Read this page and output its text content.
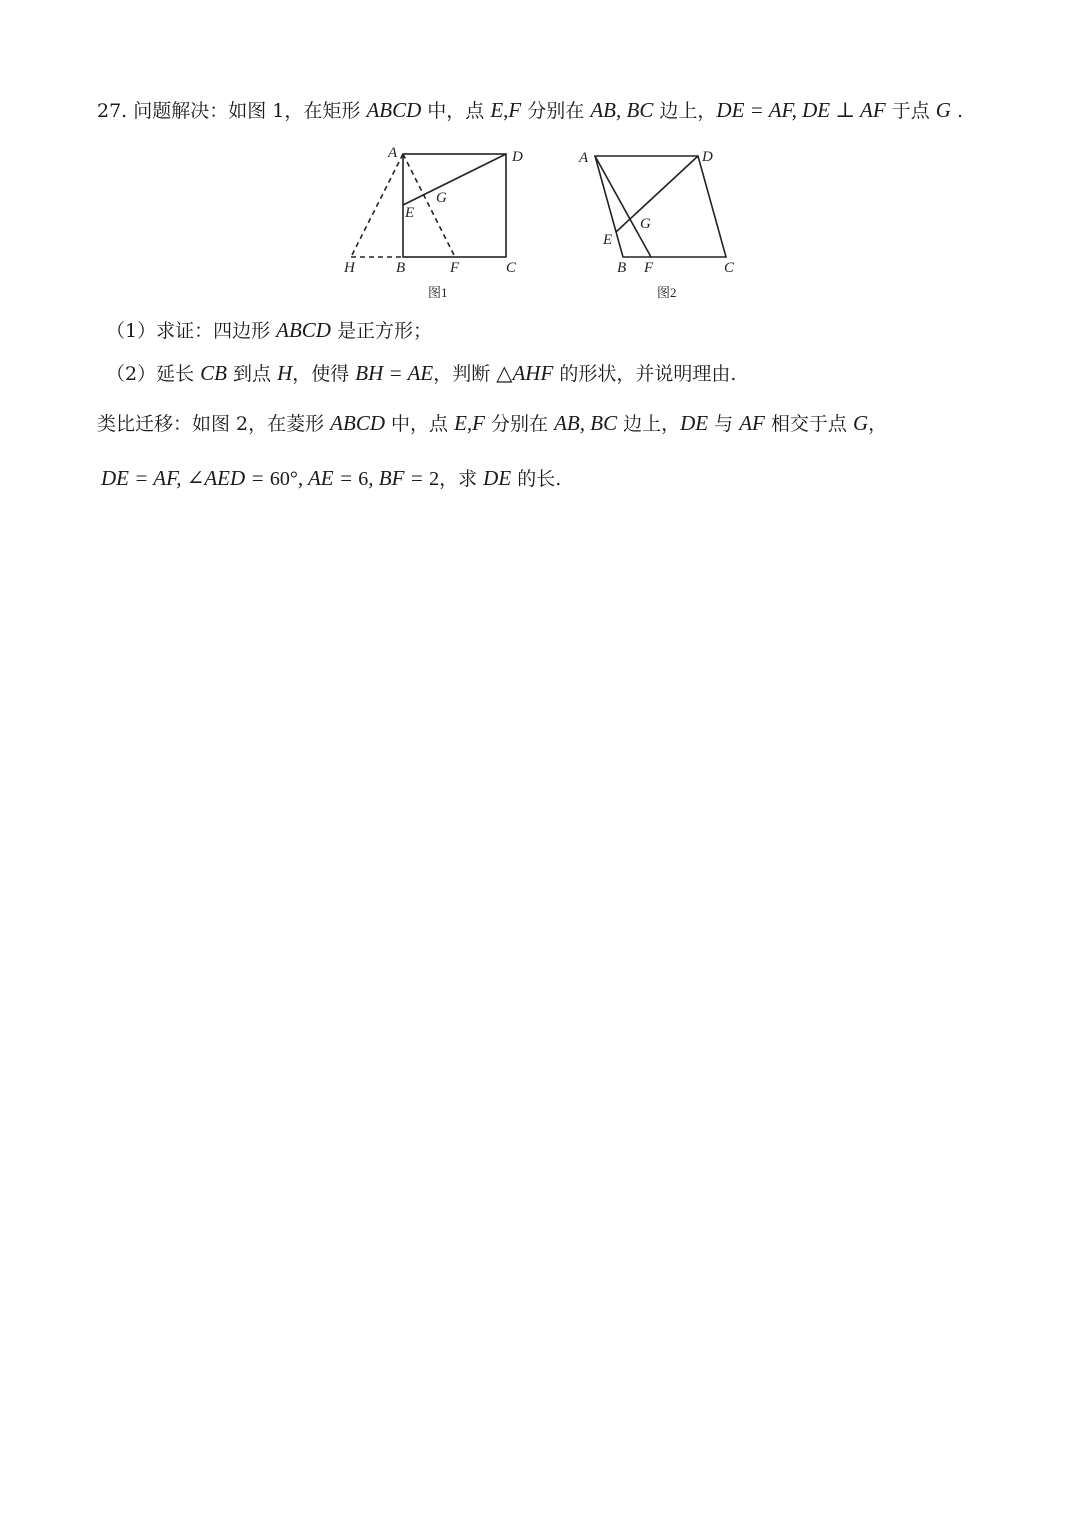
27. 问题解决：如图 1，在矩形 ABCD 中，点 E,F 分别在 AB, BC 边上，DE = AF, DE ⊥ AF 于点 G .
A	D
G
E
H	B	F	C
图1
A	D
G
E
B F	C
图2
（1）求证：四边形 ABCD 是正方形；
（2）延长 CB 到点 H，使得 BH = AE，判断 △AHF 的形状，并说明理由.
类比迁移：如图 2，在菱形 ABCD 中，点 E,F 分别在 AB, BC 边上，DE 与 AF 相交于点 G，
DE = AF, ∠AED = 60°, AE = 6, BF = 2，求 DE 的长.
